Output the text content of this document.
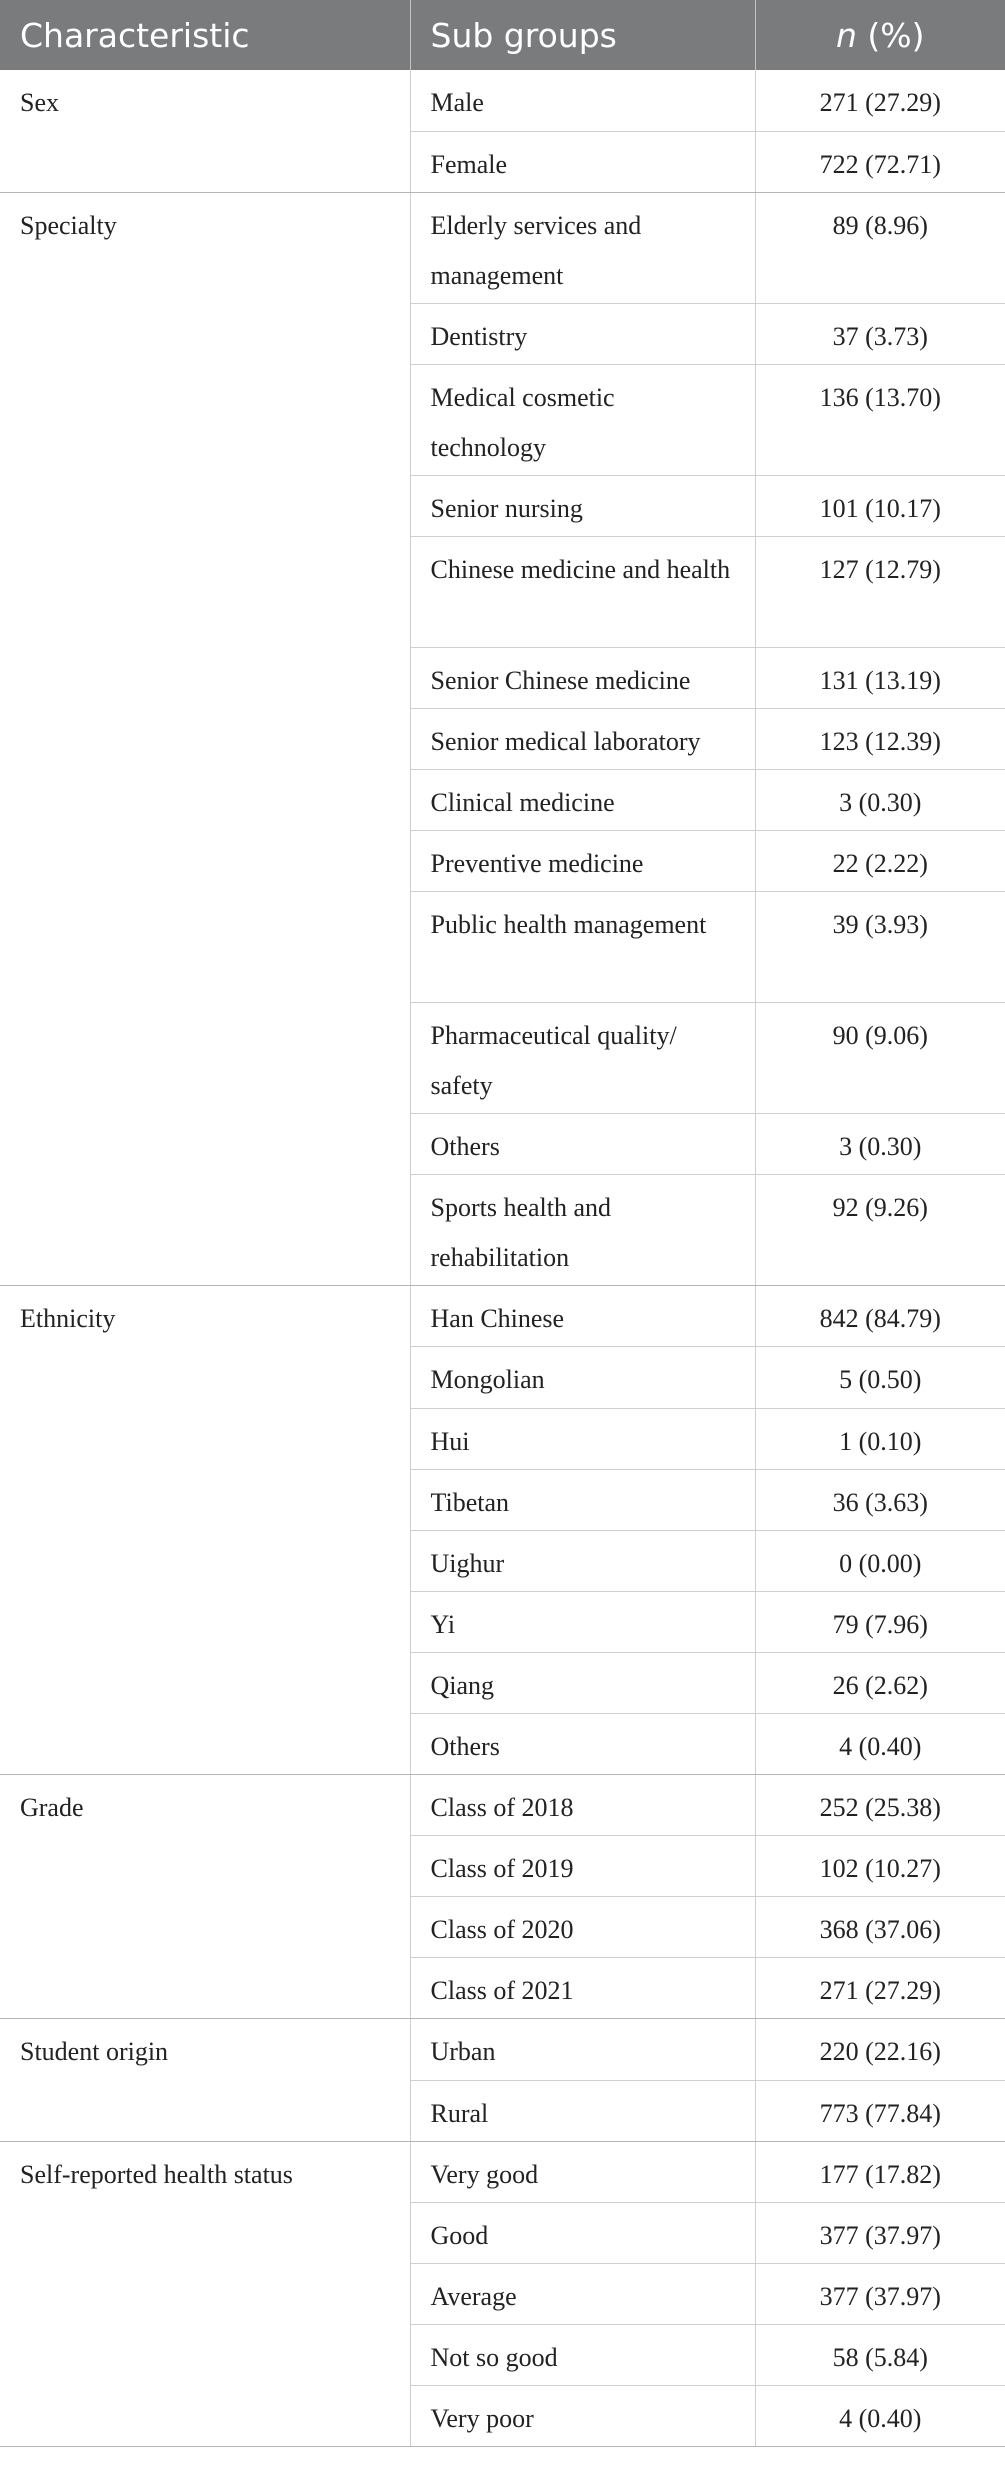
Characteristic	Sub groups	n (%)
Sex	Male	271 (27.29)
	Female	722 (72.71)
Specialty	Elderly services and management	89 (8.96)
	Dentistry	37 (3.73)
	Medical cosmetic technology	136 (13.70)
	Senior nursing	101 (10.17)
	Chinese medicine and health	127 (12.79)
	Senior Chinese medicine	131 (13.19)
	Senior medical laboratory	123 (12.39)
	Clinical medicine	3 (0.30)
	Preventive medicine	22 (2.22)
	Public health management	39 (3.93)
	Pharmaceutical quality/ safety	90 (9.06)
	Others	3 (0.30)
	Sports health and rehabilitation	92 (9.26)
Ethnicity	Han Chinese	842 (84.79)
	Mongolian	5 (0.50)
	Hui	1 (0.10)
	Tibetan	36 (3.63)
	Uighur	0 (0.00)
	Yi	79 (7.96)
	Qiang	26 (2.62)
	Others	4 (0.40)
Grade	Class of 2018	252 (25.38)
	Class of 2019	102 (10.27)
	Class of 2020	368 (37.06)
	Class of 2021	271 (27.29)
Student origin	Urban	220 (22.16)
	Rural	773 (77.84)
Self-reported health status	Very good	177 (17.82)
	Good	377 (37.97)
	Average	377 (37.97)
	Not so good	58 (5.84)
	Very poor	4 (0.40)
